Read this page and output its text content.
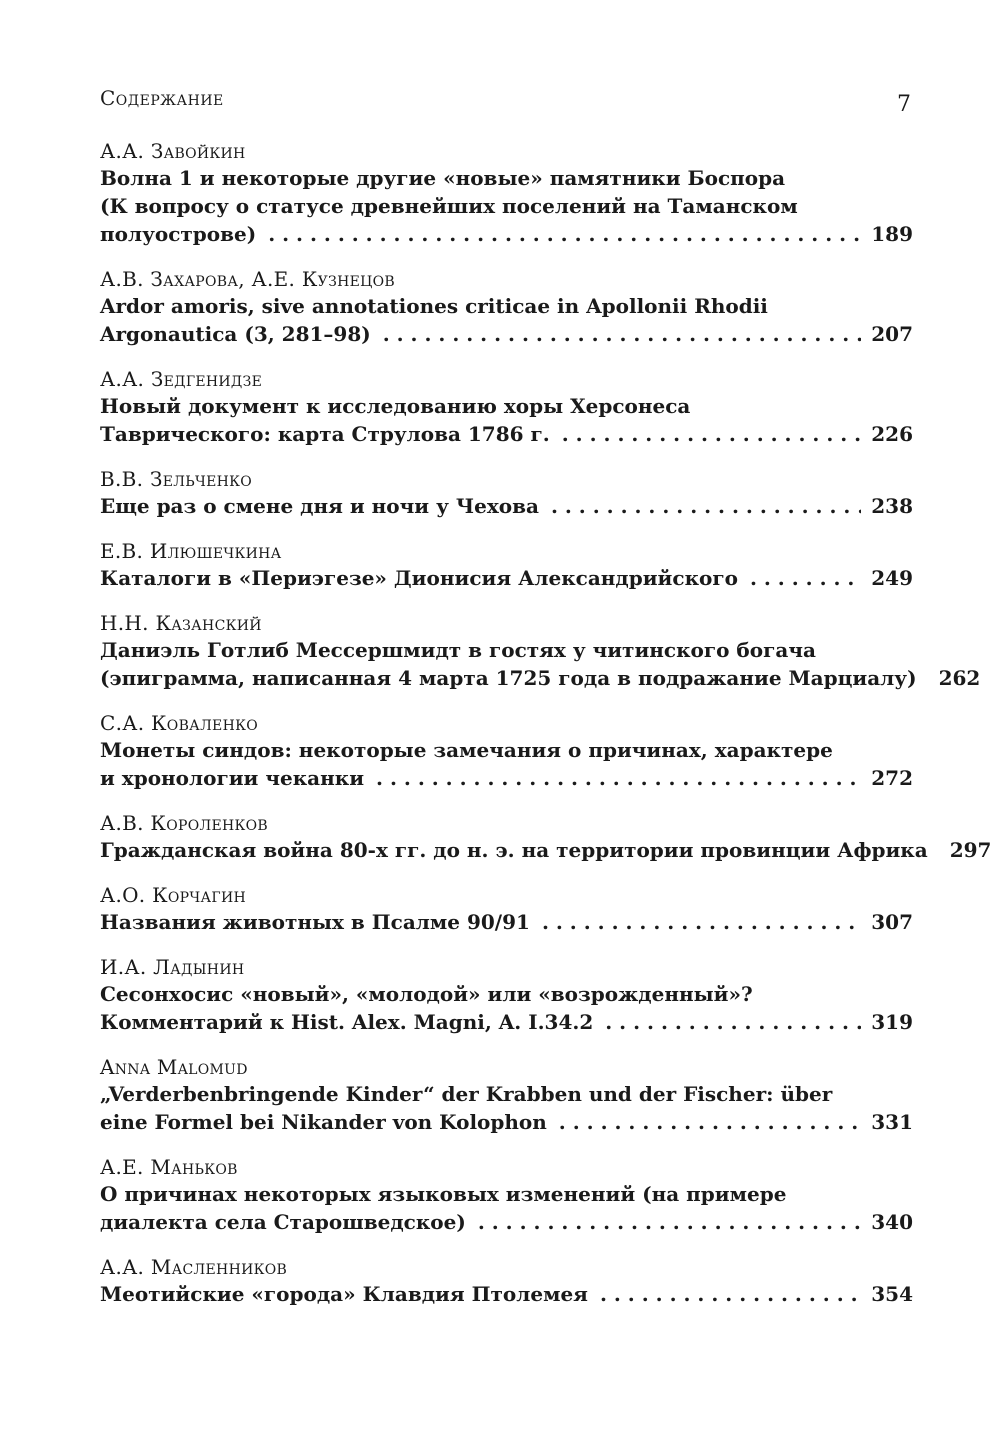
Содержание	7
А.А. Завойкин
Волна 1 и некоторые другие «новые» памятники Боспора
(К вопросу о статусе древнейших поселений на Таманском
полуострове) . . .	189
А.В. Захарова, А.Е. Кузнецов
Ardor amoris, sive annotationes criticae in Apollonii Rhodii
Argonautica (3, 281–98) . . .	207
А.А. Зедгенидзе
Новый документ к исследованию хоры Херсонеса
Таврического: карта Струлова 1786 г. . . .	226
В.В. Зельченко
Еще раз о смене дня и ночи у Чехова . . .	238
Е.В. Илюшечкина
Каталоги в «Периэгезе» Дионисия Александрийского . . .	249
Н.Н. Казанский
Даниэль Готлиб Мессершмидт в гостях у читинского богача
(эпиграмма, написанная 4 марта 1725 года в подражание Марциалу) 262
С.А. Коваленко
Монеты синдов: некоторые замечания о причинах, характере
и хронологии чеканки . . .	272
А.В. Короленков
Гражданская война 80-х гг. до н. э. на территории провинции Африка 297
А.О. Корчагин
Названия животных в Псалме 90/91 . . .	307
И.А. Ладынин
Сесонхосис «новый», «молодой» или «возрожденный»?
Комментарий к Hist. Alex. Magni, A. I.34.2 . . .	319
Anna Malomud
„Verderbenbringende Kinder“ der Krabben und der Fischer: über
eine Formel bei Nikander von Kolophon . . .	331
А.Е. Маньков
О причинах некоторых языковых изменений (на примере
диалекта села Старошведское) . . .	340
А.А. Масленников
Меотийские «города» Клавдия Птолемея . . .	354
